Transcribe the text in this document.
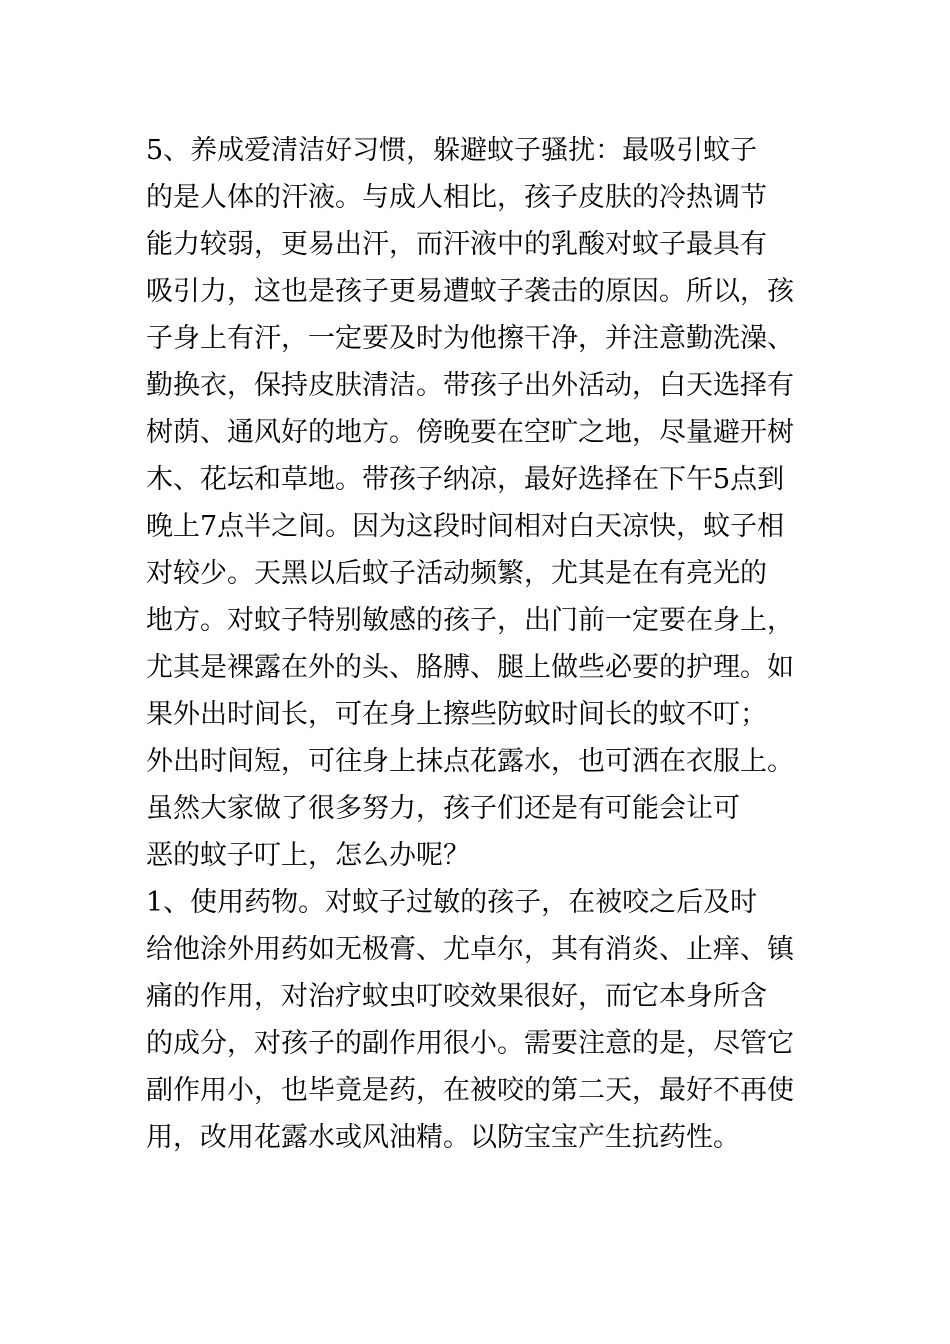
5、养成爱清洁好习惯，躲避蚊子骚扰：最吸引蚊子
的是人体的汗液。与成人相比，孩子皮肤的冷热调节
能力较弱，更易出汗，而汗液中的乳酸对蚊子最具有
吸引力，这也是孩子更易遭蚊子袭击的原因。所以，孩
子身上有汗，一定要及时为他擦干净，并注意勤洗澡、
勤换衣，保持皮肤清洁。带孩子出外活动，白天选择有
树荫、通风好的地方。傍晚要在空旷之地，尽量避开树
木、花坛和草地。带孩子纳凉，最好选择在下午5点到
晚上7点半之间。因为这段时间相对白天凉快，蚊子相
对较少。天黑以后蚊子活动频繁，尤其是在有亮光的
地方。对蚊子特别敏感的孩子，出门前一定要在身上，
尤其是裸露在外的头、胳膊、腿上做些必要的护理。如
果外出时间长，可在身上擦些防蚊时间长的蚊不叮；
外出时间短，可往身上抹点花露水，也可洒在衣服上。
虽然大家做了很多努力，孩子们还是有可能会让可
恶的蚊子叮上，怎么办呢？
1、使用药物。对蚊子过敏的孩子，在被咬之后及时
给他涂外用药如无极膏、尤卓尔，其有消炎、止痒、镇
痛的作用，对治疗蚊虫叮咬效果很好，而它本身所含
的成分，对孩子的副作用很小。需要注意的是，尽管它
副作用小，也毕竟是药，在被咬的第二天，最好不再使
用，改用花露水或风油精。以防宝宝产生抗药性。
